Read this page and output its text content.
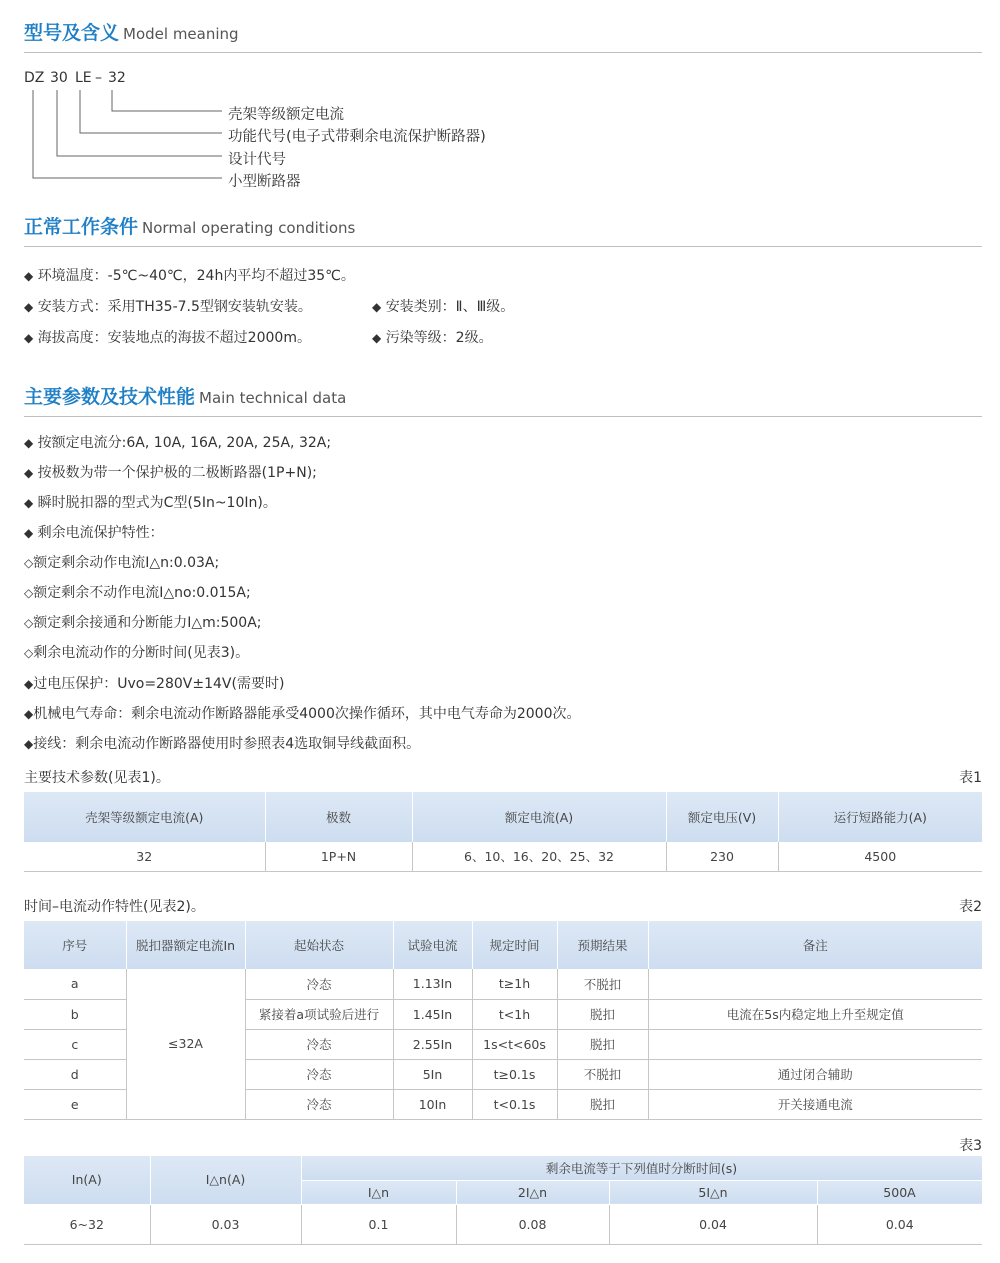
型号及含义 Model meaning
DZ 30 LE – 32
壳架等级额定电流
功能代号(电子式带剩余电流保护断路器)
设计代号
小型断路器
正常工作条件 Normal operating conditions
◆ 环境温度：-5℃~40℃，24h内平均不超过35℃。
◆ 安装方式：采用TH35-7.5型钢安装轨安装。	◆ 安装类别：Ⅱ、Ⅲ级。
◆ 海拔高度：安装地点的海拔不超过2000m。	◆ 污染等级：2级。
主要参数及技术性能 Main technical data
◆ 按额定电流分:6A, 10A, 16A, 20A, 25A, 32A;
◆ 按极数为带一个保护极的二极断路器(1P+N);
◆ 瞬时脱扣器的型式为C型(5In~10In)。
◆ 剩余电流保护特性：
◇额定剩余动作电流I△n:0.03A;
◇额定剩余不动作电流I△no:0.015A;
◇额定剩余接通和分断能力I△m:500A;
◇剩余电流动作的分断时间(见表3)。
◆过电压保护：Uvo=280V±14V(需要时)
◆机械电气寿命：剩余电流动作断路器能承受4000次操作循环，其中电气寿命为2000次。
◆接线：剩余电流动作断路器使用时参照表4选取铜导线截面积。
主要技术参数(见表1)。	表1
壳架等级额定电流(A)	极数	额定电流(A)	额定电压(V)	运行短路能力(A)
32	1P+N	6、10、16、20、25、32	230	4500
时间–电流动作特性(见表2)。	表2
序号	脱扣器额定电流In	起始状态	试验电流	规定时间	预期结果	备注
a	≤32A	冷态	1.13In	t≥1h	不脱扣	
b		紧接着a项试验后进行	1.45In	t<1h	脱扣	电流在5s内稳定地上升至规定值
c		冷态	2.55In	1s<t<60s	脱扣	
d		冷态	5In	t≥0.1s	不脱扣	通过闭合辅助
e		冷态	10In	t<0.1s	脱扣	开关接通电流
表3
In(A)	I△n(A)	剩余电流等于下列值时分断时间(s)			
		I△n	2I△n	5I△n	500A
6~32	0.03	0.1	0.08	0.04	0.04
